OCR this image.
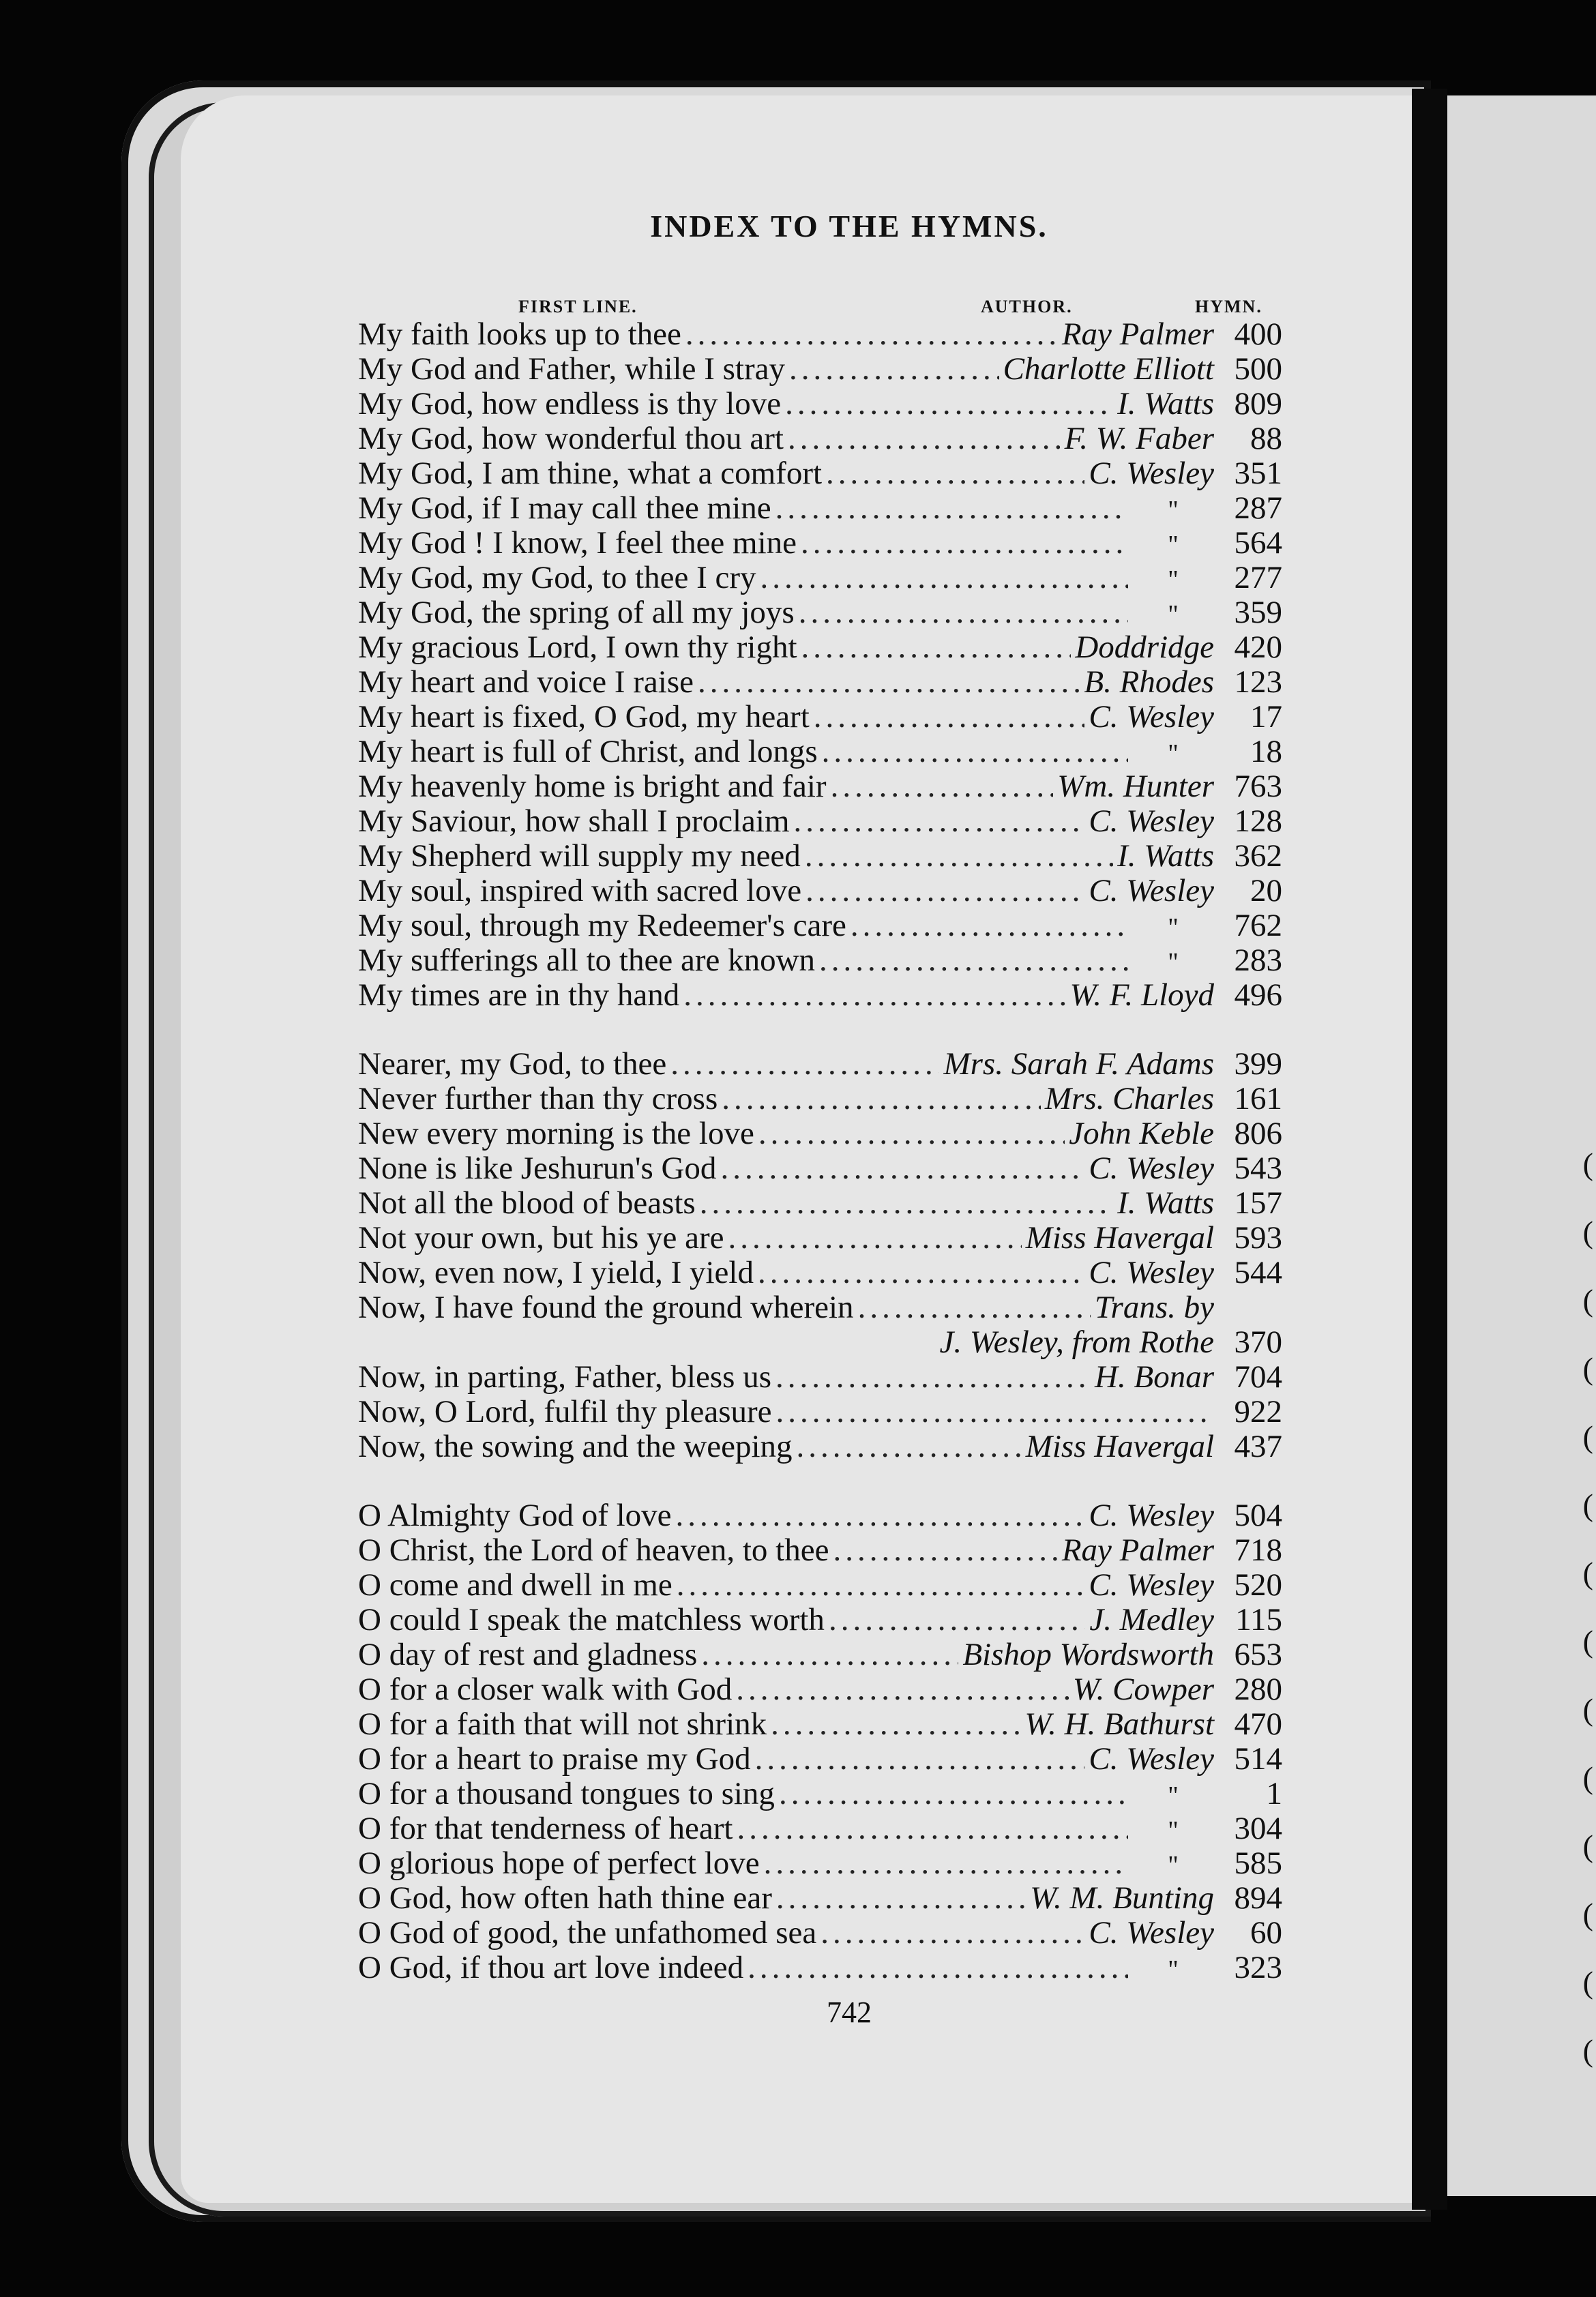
(
(
(
(
(
(
(
(
(
(
(
(
(
(
INDEX TO THE HYMNS.
FIRST LINE.	AUTHOR.	HYMN.
My faith looks up to thee .....	Ray Palmer 400
My God and Father, while I stray .....	Charlotte Elliott 500
My God, how endless is thy love .....	I. Watts 809
My God, how wonderful thou art .....	F. W. Faber	88
My God, I am thine, what a comfort .....	C. Wesley 351
My God, if I may call thee mine .....	"	287
My God ! I know, I feel thee mine .....	"	564
My God, my God, to thee I cry .....	"	277
My God, the spring of all my joys .....	"	359
My gracious Lord, I own thy right .....	Doddridge 420
My heart and voice I raise .....	B. Rhodes 123
My heart is fixed, O God, my heart .....	C. Wesley	17
My heart is full of Christ, and longs .....	"	18
My heavenly home is bright and fair .....	Wm. Hunter 763
My Saviour, how shall I proclaim .....	C. Wesley 128
My Shepherd will supply my need .....	I. Watts 362
My soul, inspired with sacred love .....	C. Wesley	20
My soul, through my Redeemer's care .....	"	762
My sufferings all to thee are known .....	"	283
My times are in thy hand .....	W. F. Lloyd 496
Nearer, my God, to thee .....	Mrs. Sarah F. Adams 399
Never further than thy cross .....	Mrs. Charles 161
New every morning is the love .....	John Keble 806
None is like Jeshurun's God .....	C. Wesley 543
Not all the blood of beasts .....	I. Watts 157
Not your own, but his ye are .....	Miss Havergal 593
Now, even now, I yield, I yield .....	C. Wesley 544
Now, I have found the ground wherein .....	Trans. by
J. Wesley, from Rothe 370
Now, in parting, Father, bless us .....	H. Bonar 704
Now, O Lord, fulfil thy pleasure .....	922
Now, the sowing and the weeping .....	Miss Havergal 437
O Almighty God of love .....	C. Wesley 504
O Christ, the Lord of heaven, to thee .....	Ray Palmer 718
O come and dwell in me .....	C. Wesley 520
O could I speak the matchless worth .....	J. Medley 115
O day of rest and gladness .....	Bishop Wordsworth 653
O for a closer walk with God .....	W. Cowper 280
O for a faith that will not shrink .....	W. H. Bathurst 470
O for a heart to praise my God .....	C. Wesley 514
O for a thousand tongues to sing .....	"	1
O for that tenderness of heart .....	"	304
O glorious hope of perfect love .....	"	585
O God, how often hath thine ear .....	W. M. Bunting 894
O God of good, the unfathomed sea .....	C. Wesley	60
O God, if thou art love indeed .....	"	323
742
